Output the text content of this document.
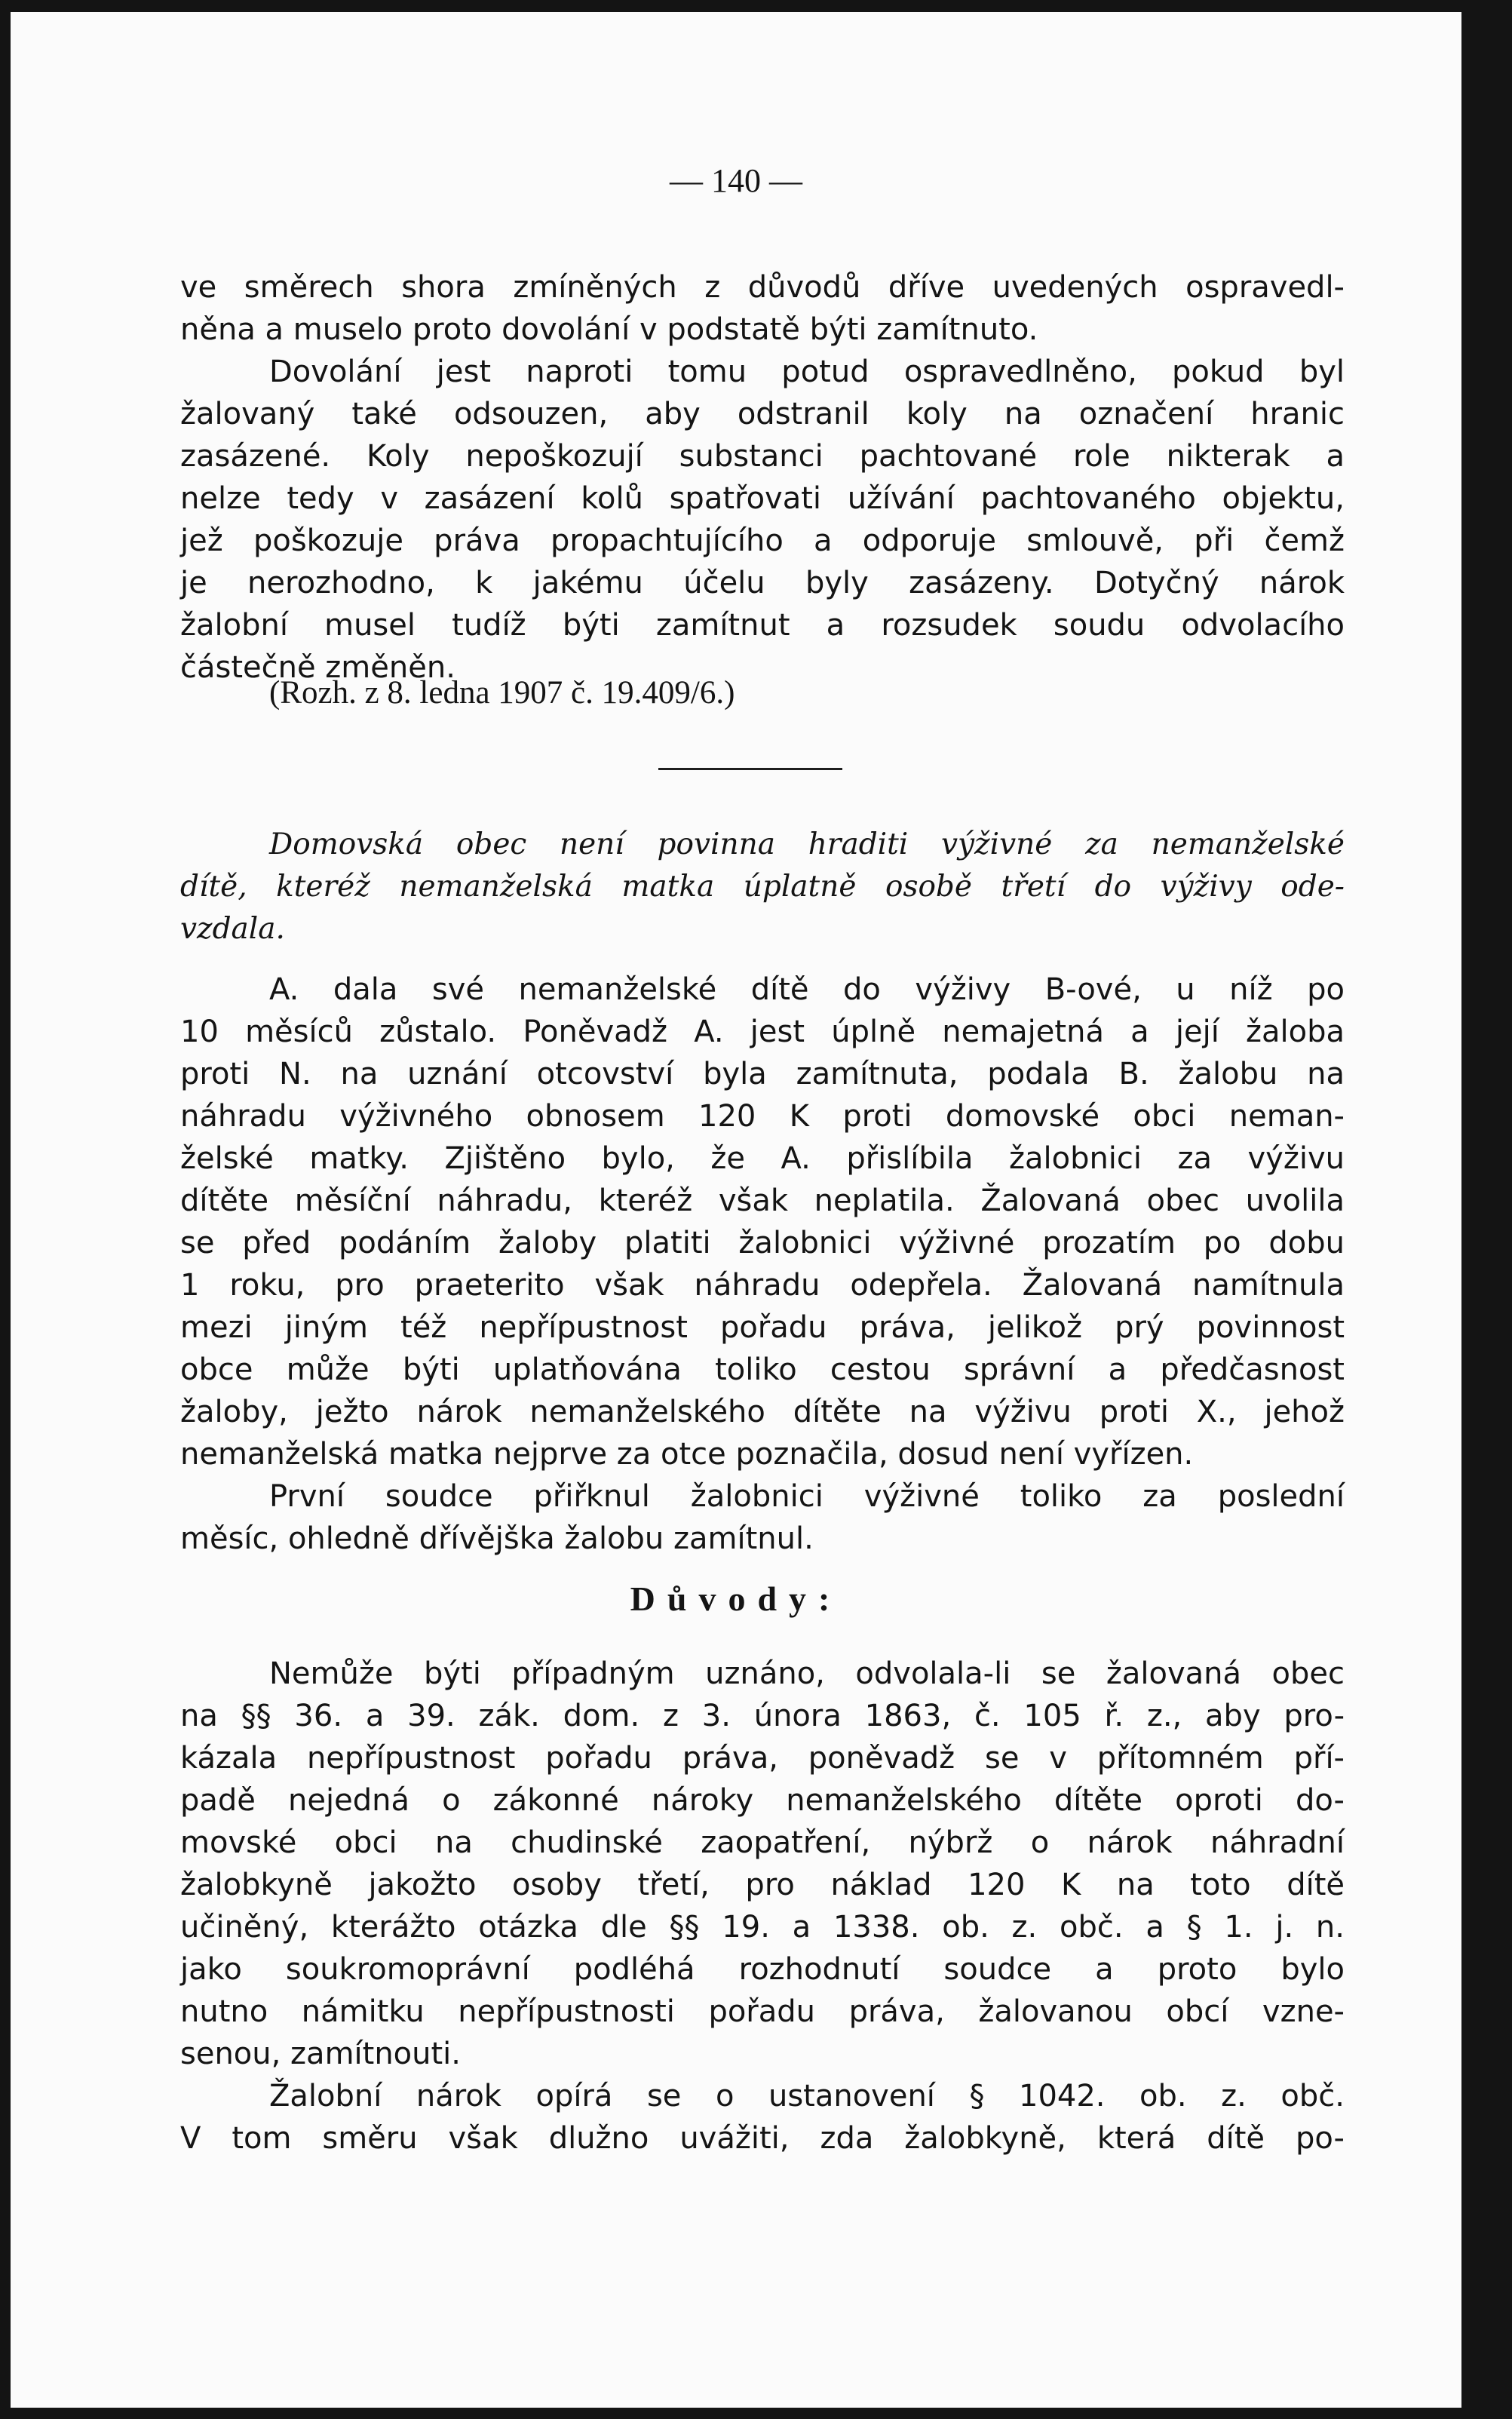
— 140 —
ve směrech shora zmíněných z důvodů dříve uvedených ospravedl-
něna a muselo proto dovolání v podstatě býti zamítnuto.
Dovolání jest naproti tomu potud ospravedlněno, pokud byl
žalovaný také odsouzen, aby odstranil koly na označení hranic
zasázené. Koly nepoškozují substanci pachtované role nikterak a
nelze tedy v zasázení kolů spatřovati užívání pachtovaného objektu,
jež poškozuje práva propachtujícího a odporuje smlouvě, při čemž
je nerozhodno, k jakému účelu byly zasázeny. Dotyčný nárok
žalobní musel tudíž býti zamítnut a rozsudek soudu odvolacího
částečně změněn.
(Rozh. z 8. ledna 1907 č. 19.409/6.)
Domovská obec není povinna hraditi výživné za nemanželské
dítě, kteréž nemanželská matka úplatně osobě třetí do výživy ode-
vzdala.
A. dala své nemanželské dítě do výživy B-ové, u níž po
10 měsíců zůstalo. Poněvadž A. jest úplně nemajetná a její žaloba
proti N. na uznání otcovství byla zamítnuta, podala B. žalobu na
náhradu výživného obnosem 120 K proti domovské obci neman-
želské matky. Zjištěno bylo, že A. přislíbila žalobnici za výživu
dítěte měsíční náhradu, kteréž však neplatila. Žalovaná obec uvolila
se před podáním žaloby platiti žalobnici výživné prozatím po dobu
1 roku, pro praeterito však náhradu odepřela. Žalovaná namítnula
mezi jiným též nepřípustnost pořadu práva, jelikož prý povinnost
obce může býti uplatňována toliko cestou správní a předčasnost
žaloby, ježto nárok nemanželského dítěte na výživu proti X., jehož
nemanželská matka nejprve za otce poznačila, dosud není vyřízen.
První soudce přiřknul žalobnici výživné toliko za poslední
měsíc, ohledně dřívějška žalobu zamítnul.
Důvody:
Nemůže býti případným uznáno, odvolala-li se žalovaná obec
na §§ 36. a 39. zák. dom. z 3. února 1863, č. 105 ř. z., aby pro-
kázala nepřípustnost pořadu práva, poněvadž se v přítomném pří-
padě nejedná o zákonné nároky nemanželského dítěte oproti do-
movské obci na chudinské zaopatření, nýbrž o nárok náhradní
žalobkyně jakožto osoby třetí, pro náklad 120 K na toto dítě
učiněný, kterážto otázka dle §§ 19. a 1338. ob. z. obč. a § 1. j. n.
jako soukromoprávní podléhá rozhodnutí soudce a proto bylo
nutno námitku nepřípustnosti pořadu práva, žalovanou obcí vzne-
senou, zamítnouti.
Žalobní nárok opírá se o ustanovení § 1042. ob. z. obč.
V tom směru však dlužno uvážiti, zda žalobkyně, která dítě po-
